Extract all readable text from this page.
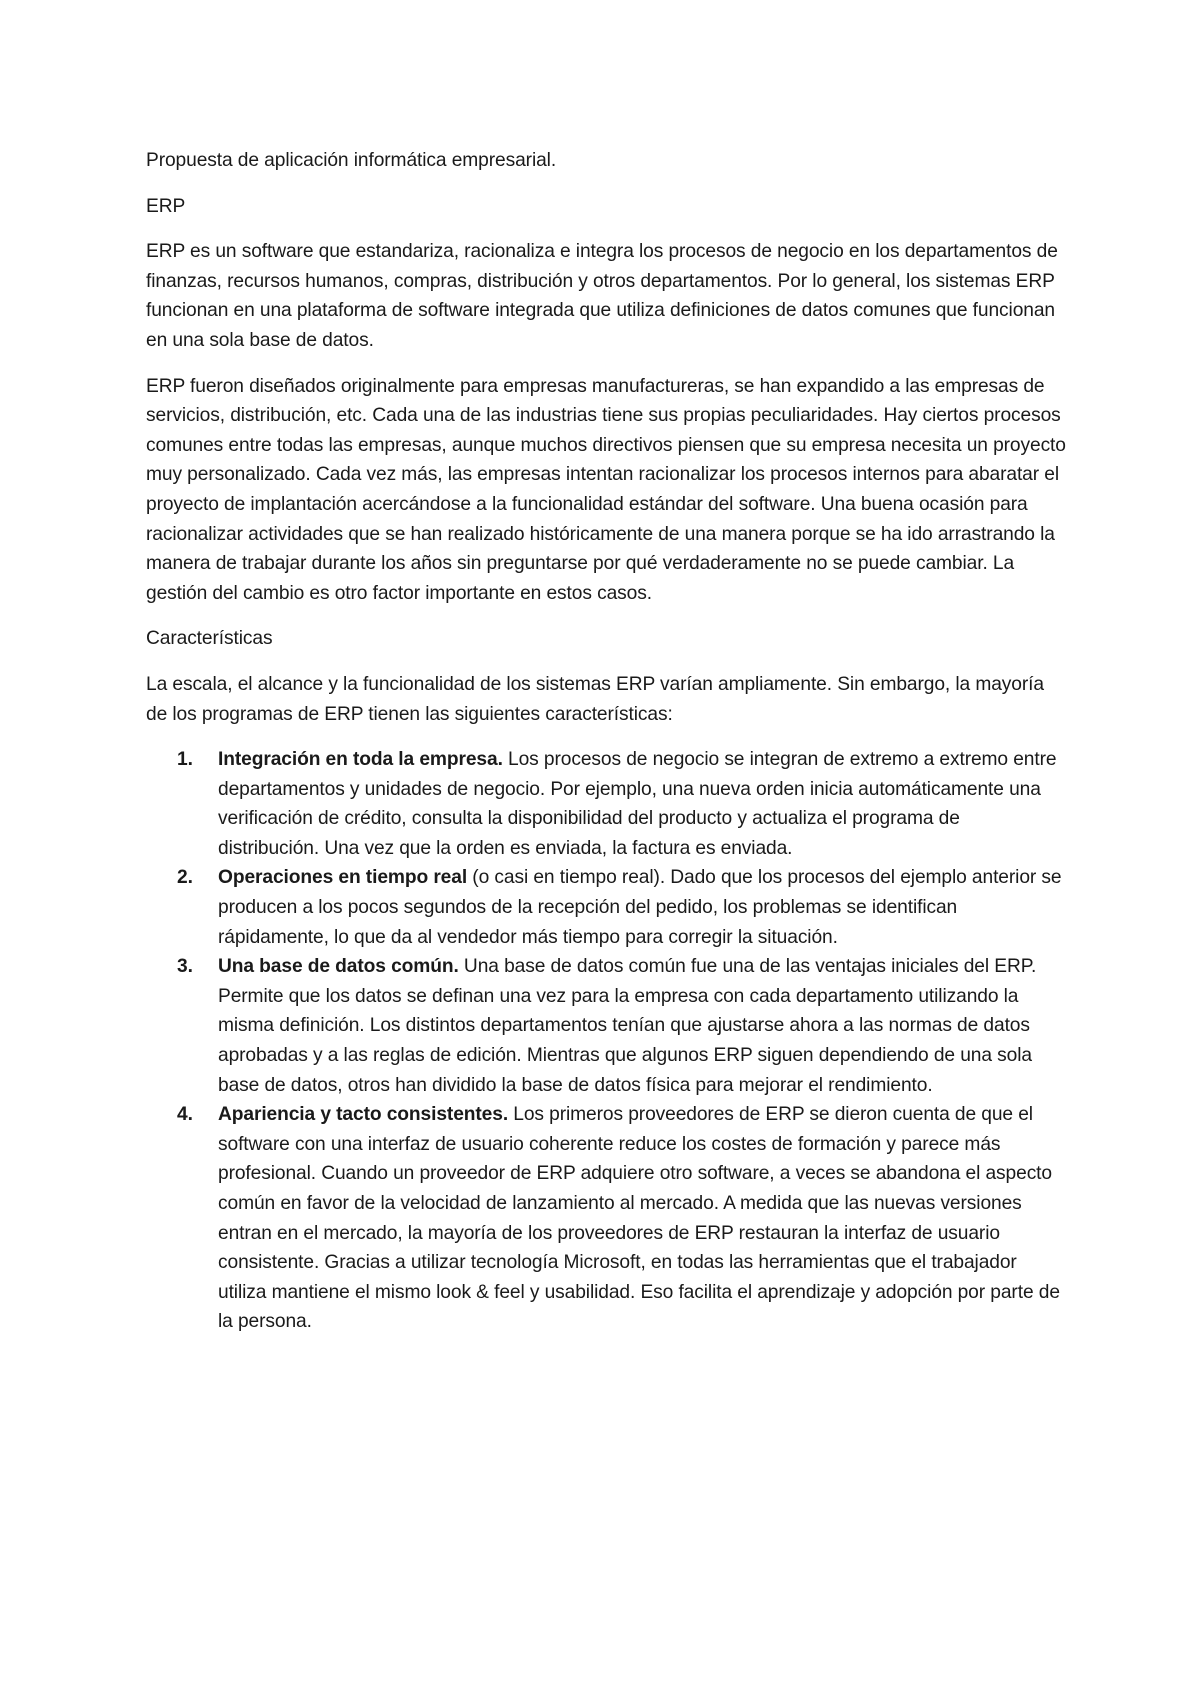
Propuesta de aplicación informática empresarial.

ERP

ERP es un software que estandariza, racionaliza e integra los procesos de negocio en los departamentos de finanzas, recursos humanos, compras, distribución y otros departamentos. Por lo general, los sistemas ERP funcionan en una plataforma de software integrada que utiliza definiciones de datos comunes que funcionan en una sola base de datos.

ERP fueron diseñados originalmente para empresas manufactureras, se han expandido a las empresas de servicios, distribución, etc. Cada una de las industrias tiene sus propias peculiaridades. Hay ciertos procesos comunes entre todas las empresas, aunque muchos directivos piensen que su empresa necesita un proyecto muy personalizado. Cada vez más, las empresas intentan racionalizar los procesos internos para abaratar el proyecto de implantación acercándose a la funcionalidad estándar del software. Una buena ocasión para racionalizar actividades que se han realizado históricamente de una manera porque se ha ido arrastrando la manera de trabajar durante los años sin preguntarse por qué verdaderamente no se puede cambiar. La gestión del cambio es otro factor importante en estos casos.

Características

La escala, el alcance y la funcionalidad de los sistemas ERP varían ampliamente. Sin embargo, la mayoría de los programas de ERP tienen las siguientes características:

1. Integración en toda la empresa. Los procesos de negocio se integran de extremo a extremo entre departamentos y unidades de negocio. Por ejemplo, una nueva orden inicia automáticamente una verificación de crédito, consulta la disponibilidad del producto y actualiza el programa de distribución. Una vez que la orden es enviada, la factura es enviada.
2. Operaciones en tiempo real (o casi en tiempo real). Dado que los procesos del ejemplo anterior se producen a los pocos segundos de la recepción del pedido, los problemas se identifican rápidamente, lo que da al vendedor más tiempo para corregir la situación.
3. Una base de datos común. Una base de datos común fue una de las ventajas iniciales del ERP. Permite que los datos se definan una vez para la empresa con cada departamento utilizando la misma definición. Los distintos departamentos tenían que ajustarse ahora a las normas de datos aprobadas y a las reglas de edición. Mientras que algunos ERP siguen dependiendo de una sola base de datos, otros han dividido la base de datos física para mejorar el rendimiento.
4. Apariencia y tacto consistentes. Los primeros proveedores de ERP se dieron cuenta de que el software con una interfaz de usuario coherente reduce los costes de formación y parece más profesional. Cuando un proveedor de ERP adquiere otro software, a veces se abandona el aspecto común en favor de la velocidad de lanzamiento al mercado. A medida que las nuevas versiones entran en el mercado, la mayoría de los proveedores de ERP restauran la interfaz de usuario consistente. Gracias a utilizar tecnología Microsoft, en todas las herramientas que el trabajador utiliza mantiene el mismo look & feel y usabilidad. Eso facilita el aprendizaje y adopción por parte de la persona.
